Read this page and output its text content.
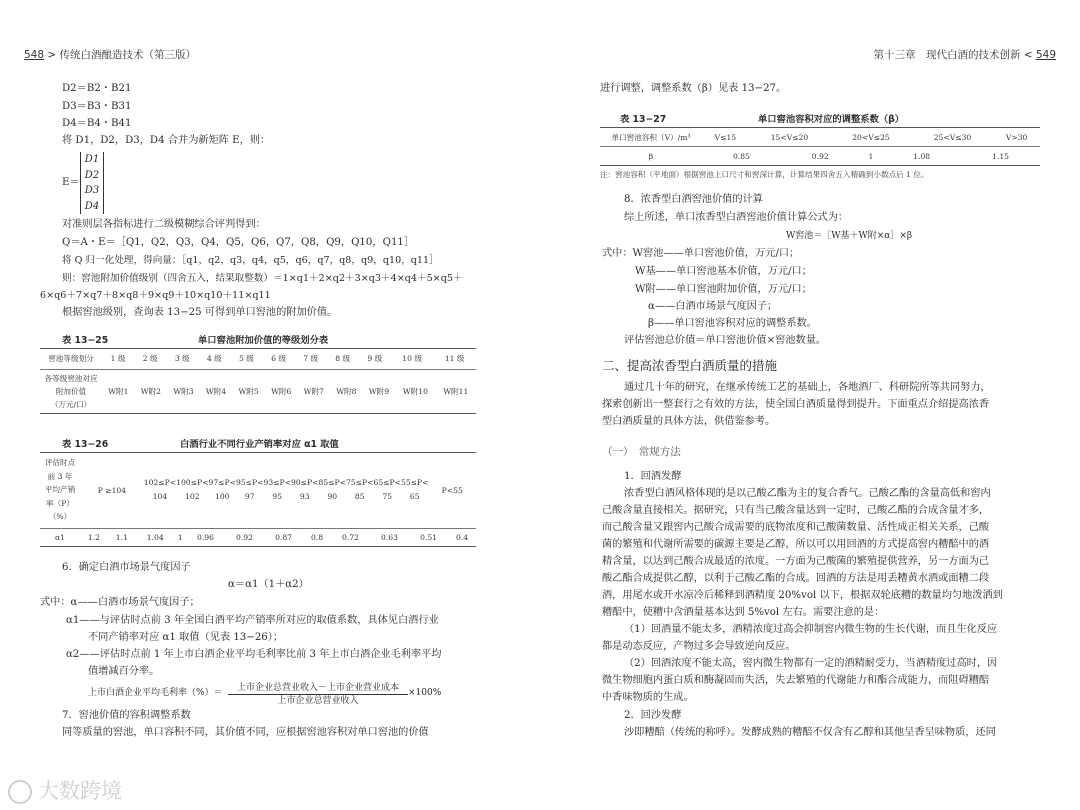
548 > 传统白酒酿造技术（第三版）
D2＝B2・B21
D3＝B3・B31
D4＝B4・B41
将 D1，D2，D3，D4 合并为新矩阵 E，则：
E＝
D1
D2
D3
D4
对准则层各指标进行二级模糊综合评判得到：
Q＝A・E＝［Q1，Q2，Q3，Q4，Q5，Q6，Q7，Q8，Q9，Q10，Q11］
将 Q 归一化处理，得向量：［q1，q2，q3，q4，q5，q6，q7，q8，q9，q10，q11］
则：窖池附加价值级别（四舍五入，结果取整数）＝1×q1＋2×q2＋3×q3＋4×q4＋5×q5＋
6×q6＋7×q7＋8×q8＋9×q9＋10×q10＋11×q11
根据窖池级别，查询表 13−25 可得到单口窖池的附加价值。
表 13−25	单口窖池附加价值的等级划分表
窖池等级划分	1 级	2 级	3 级	4 级	5 级	6 级	7 级	8 级	9 级	10 级	11 级
各等级窖池对应
附加价值
（万元/口）
	W附1	W附2	W附3	W附4	W附5	W附6	W附7	W附8	W附9	W附10	W附11
表 13−26	白酒行业不同行业产销率对应 α1 取值
评估时点
前 3 年
平均产销
率（P）
（%）
	P ≥104	102≤P< 104	100≤P< 102	97≤P< 100	95≤P< 97	93≤P< 95	90≤P< 93	85≤P< 90	75≤P< 85	65≤P< 75	55≤P< 65	P<55
α1	1.2	1.1	1.04	1	0.96	0.92	0.87	0.8	0.72	0.63	0.51	0.4
6．确定白酒市场景气度因子
α＝α1（1＋α2）
式中：α——白酒市场景气度因子；
α1——与评估时点前 3 年全国白酒平均产销率所对应的取值系数，具体见白酒行业
不同产销率对应 α1 取值（见表 13−26）；
α2——评估时点前 1 年上市白酒企业平均毛利率比前 3 年上市白酒企业毛利率平均
值增减百分率。
上市白酒企业平均毛利率（%）＝	上市企业总营业收入－上市企业营业成本
上市企业总营业收入
×100%
7．窖池价值的容积调整系数
同等质量的窖池，单口容积不同，其价值不同，应根据窖池容积对单口窖池的价值
大数跨境
第十三章　现代白酒的技术创新 < 549
进行调整，调整系数（β）见表 13−27。
表 13−27	单口窖池容积对应的调整系数（β）
单口窖池容积（V）/m³	V≤15	15<V≤20	20<V≤25	25<V≤30	V>30
β	0.85	0.92	1	1.08	1.15
注：窖池容积（平地面）根据窖池上口尺寸和窖深计算，计算结果四舍五入精确到小数点后 1 位。
8．浓香型白酒窖池价值的计算
综上所述，单口浓香型白酒窖池价值计算公式为：
W窖池＝［W基＋W附×α］×β
式中：W窖池——单口窖池价值，万元/口；
W基——单口窖池基本价值，万元/口；
W附——单口窖池附加价值，万元/口；
α——白酒市场景气度因子；
β——单口窖池容积对应的调整系数。
评估窖池总价值＝单口窖池价值×窖池数量。
二、提高浓香型白酒质量的措施
通过几十年的研究，在继承传统工艺的基础上，各地酒厂、科研院所等共同努力，
探索创新出一整套行之有效的方法，使全国白酒质量得到提升。下面重点介绍提高浓香
型白酒质量的具体方法，供借鉴参考。
（一）　常规方法
1．回酒发酵
浓香型白酒风格体现的是以己酸乙酯为主的复合香气。己酸乙酯的含量高低和窖内
己酸含量直接相关。据研究，只有当己酸含量达到一定时，己酸乙酯的合成含量才多，
而己酸含量又跟窖内己酸合成需要的底物浓度和己酸菌数量、活性成正相关关系，己酸
菌的繁殖和代谢所需要的碳源主要是乙醇，所以可以用回酒的方式提高窖内糟醅中的酒
精含量，以达到己酸合成最适的浓度。一方面为己酸菌的繁殖提供营养，另一方面为己
酸乙酯合成提供乙醇，以利于己酸乙酯的合成。回酒的方法是用丢糟黄水酒或面糟二段
酒，用尾水或开水凉冷后稀释到酒精度 20%vol 以下，根据双轮底糟的数量均匀地泼洒到
糟醅中，使糟中含酒量基本达到 5%vol 左右。需要注意的是：
（1）回酒量不能太多，酒精浓度过高会抑制窖内微生物的生长代谢，而且生化反应
都是动态反应，产物过多会导致逆向反应。
（2）回酒浓度不能太高，窖内微生物都有一定的酒精耐受力，当酒精度过高时，因
微生物细胞内蛋白质和酶凝固而失活，失去繁殖的代谢能力和酯合成能力，而阻碍糟醅
中香味物质的生成。
2．回沙发酵
沙即糟醅（传统的称呼）。发酵成熟的糟醅不仅含有乙醇和其他呈香呈味物质，还同
